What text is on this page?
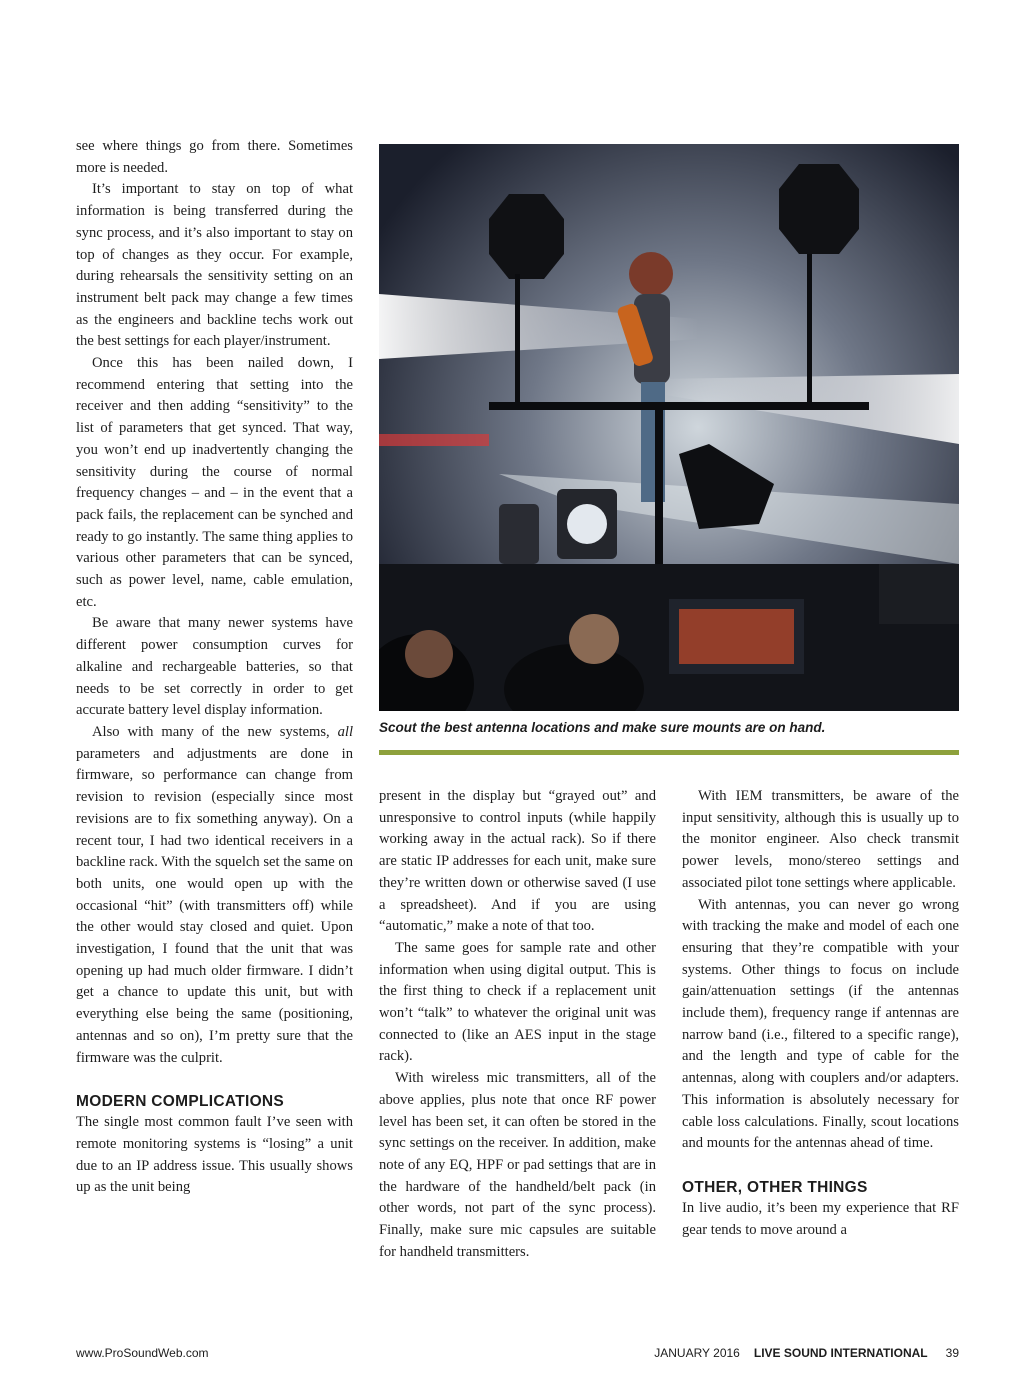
see where things go from there. Sometimes more is needed.

It’s important to stay on top of what information is being transferred during the sync process, and it’s also important to stay on top of changes as they occur. For example, during rehearsals the sensitivity setting on an instrument belt pack may change a few times as the engineers and backline techs work out the best settings for each player/instrument.

Once this has been nailed down, I recommend entering that setting into the receiver and then adding “sensitivity” to the list of parameters that get synced. That way, you won’t end up inadvertently changing the sensitivity during the course of normal frequency changes – and – in the event that a pack fails, the replacement can be synched and ready to go instantly. The same thing applies to various other parameters that can be synced, such as power level, name, cable emulation, etc.

Be aware that many newer systems have different power consumption curves for alkaline and rechargeable batteries, so that needs to be set correctly in order to get accurate battery level display information.

Also with many of the new systems, all parameters and adjustments are done in firmware, so performance can change from revision to revision (especially since most revisions are to fix something anyway). On a recent tour, I had two identical receivers in a backline rack. With the squelch set the same on both units, one would open up with the occasional “hit” (with transmitters off) while the other would stay closed and quiet. Upon investigation, I found that the unit that was opening up had much older firmware. I didn’t get a chance to update this unit, but with everything else being the same (positioning, antennas and so on), I’m pretty sure that the firmware was the culprit.

MODERN COMPLICATIONS

The single most common fault I’ve seen with remote monitoring systems is “losing” a unit due to an IP address issue. This usually shows up as the unit being

Scout the best antenna locations and make sure mounts are on hand.

present in the display but “grayed out” and unresponsive to control inputs (while happily working away in the actual rack). So if there are static IP addresses for each unit, make sure they’re written down or otherwise saved (I use a spreadsheet). And if you are using “automatic,” make a note of that too.

The same goes for sample rate and other information when using digital output. This is the first thing to check if a replacement unit won’t “talk” to whatever the original unit was connected to (like an AES input in the stage rack).

With wireless mic transmitters, all of the above applies, plus note that once RF power level has been set, it can often be stored in the sync settings on the receiver. In addition, make note of any EQ, HPF or pad settings that are in the hardware of the handheld/belt pack (in other words, not part of the sync process). Finally, make sure mic capsules are suitable for handheld transmitters.

With IEM transmitters, be aware of the input sensitivity, although this is usually up to the monitor engineer. Also check transmit power levels, mono/stereo settings and associated pilot tone settings where applicable.

With antennas, you can never go wrong with tracking the make and model of each one ensuring that they’re compatible with your systems. Other things to focus on include gain/attenuation settings (if the antennas include them), frequency range if antennas are narrow band (i.e., filtered to a specific range), and the length and type of cable for the antennas, along with couplers and/or adapters. This information is absolutely necessary for cable loss calculations. Finally, scout locations and mounts for the antennas ahead of time.

OTHER, OTHER THINGS

In live audio, it’s been my experience that RF gear tends to move around a

www.ProSoundWeb.com	JANUARY 2016 LIVE SOUND INTERNATIONAL 39
